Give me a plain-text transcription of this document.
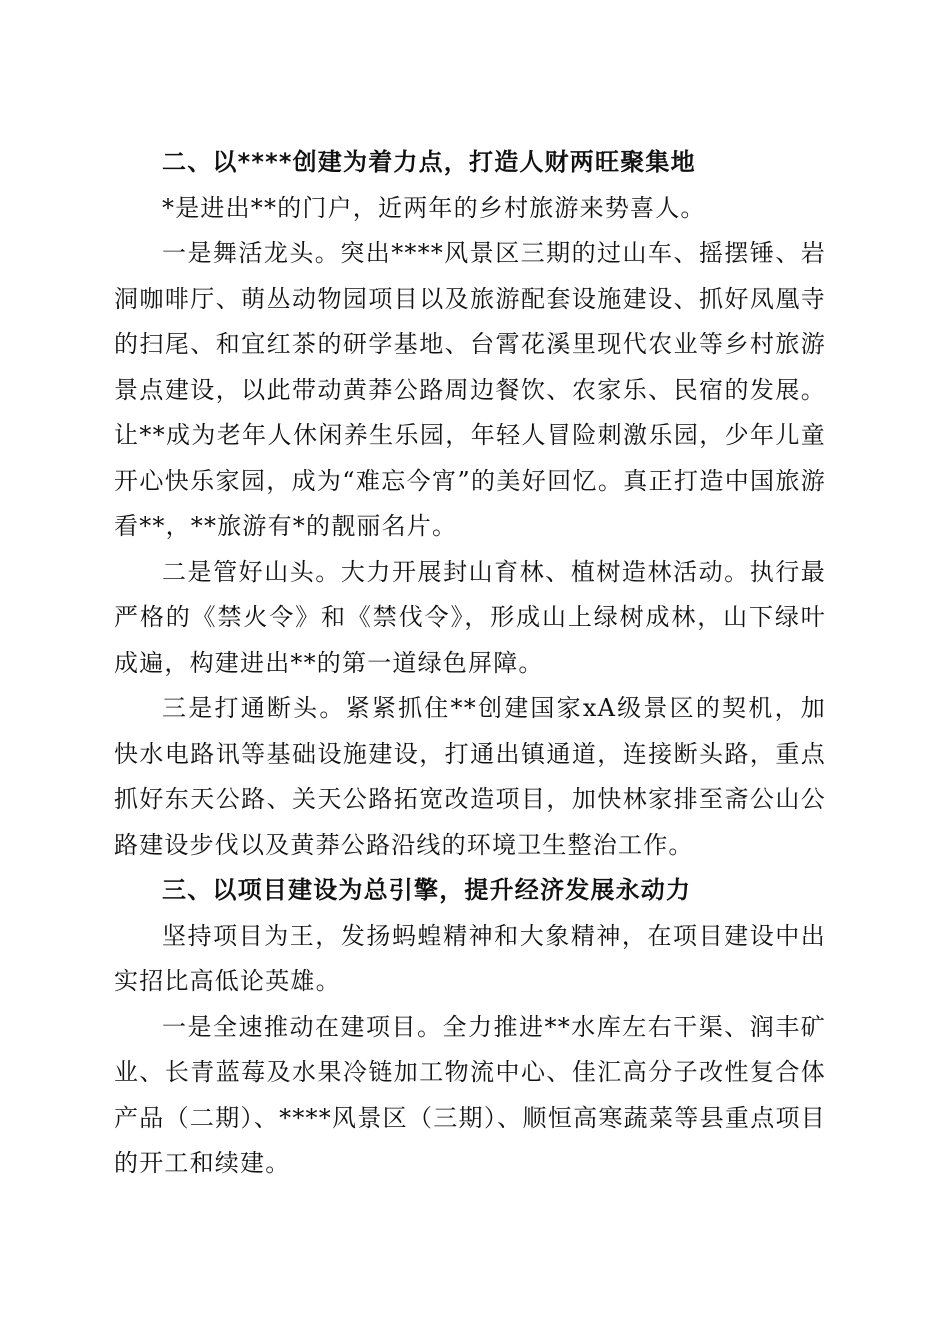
二、以****创建为着力点，打造人财两旺聚集地

*是进出**的门户，近两年的乡村旅游来势喜人。

一是舞活龙头。突出****风景区三期的过山车、摇摆锤、岩洞咖啡厅、萌丛动物园项目以及旅游配套设施建设、抓好凤凰寺的扫尾、和宜红茶的研学基地、台霄花溪里现代农业等乡村旅游景点建设，以此带动黄莽公路周边餐饮、农家乐、民宿的发展。让**成为老年人休闲养生乐园，年轻人冒险刺激乐园，少年儿童开心快乐家园，成为“难忘今宵”的美好回忆。真正打造中国旅游看**，**旅游有*的靓丽名片。

二是管好山头。大力开展封山育林、植树造林活动。执行最严格的《禁火令》和《禁伐令》，形成山上绿树成林，山下绿叶成遍，构建进出**的第一道绿色屏障。

三是打通断头。紧紧抓住**创建国家xA级景区的契机，加快水电路讯等基础设施建设，打通出镇通道，连接断头路，重点抓好东天公路、关天公路拓宽改造项目，加快林家排至斋公山公路建设步伐以及黄莽公路沿线的环境卫生整治工作。

三、以项目建设为总引擎，提升经济发展永动力

坚持项目为王，发扬蚂蝗精神和大象精神，在项目建设中出实招比高低论英雄。

一是全速推动在建项目。全力推进**水库左右干渠、润丰矿业、长青蓝莓及水果冷链加工物流中心、佳汇高分子改性复合体产品（二期）、****风景区（三期）、顺恒高寒蔬菜等县重点项目的开工和续建。
